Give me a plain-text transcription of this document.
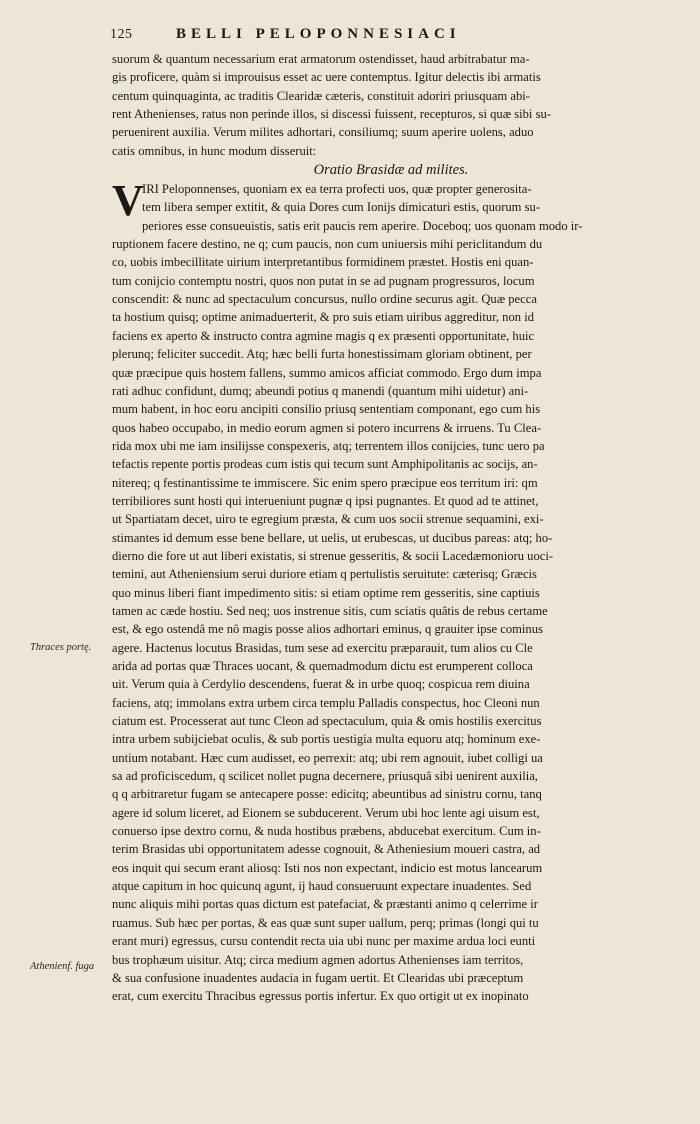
125	BELLI PELOPONNESIACI
suorum & quantum necessarium erat armatorum ostendisset, haud arbitrabatur ma-
gis proficere, quàm si improuisus esset ac uere contemptus. Igitur delectis ibi armatis
centum quinquaginta, ac traditis Clearidæ cæteris, constituit adoriri priusquam abi-
rent Athenienses, ratus non perinde illos, si discessi fuissent, recepturos, si quæ sibi su-
peruenirent auxilia. Verum milites adhortari, consiliumq; suum aperire uolens, aduo
catis omnibus, in hunc modum disseruit:
Oratio Brasidæ ad milites.
V
IRI Peloponnenses, quoniam ex ea terra profecti uos, quæ propter generosita-
tem libera semper extitit, & quia Dores cum Ionijs dimicaturi estis, quorum su-
periores esse consueuistis, satis erit paucis rem aperire. Doceboq; uos quonam modo ir-
ruptionem facere destino, ne q; cum paucis, non cum uniuersis mihi periclitandum du
co, uobis imbecillitate uirium interpretantibus formidinem præstet. Hostis eni quan-
tum conijcio contemptu nostri, quos non putat in se ad pugnam progressuros, locum
conscendit: & nunc ad spectaculum concursus, nullo ordine securus agit. Quæ pecca
ta hostium quisq; optime animaduerterit, & pro suis etiam uiribus aggreditur, non id
faciens ex aperto & instructo contra agmine magis q ex præsenti opportunitate, huic
plerunq; feliciter succedit. Atq; hæc belli furta honestissimam gloriam obtinent, per
quæ præcipue quis hostem fallens, summo amicos afficiat commodo. Ergo dum impa
rati adhuc confidunt, dumq; abeundi potius q manendi (quantum mihi uidetur) ani-
mum habent, in hoc eoru ancipiti consilio priusq sententiam componant, ego cum his
quos habeo occupabo, in medio eorum agmen si potero incurrens & irruens. Tu Clea-
rida mox ubi me iam insilijsse conspexeris, atq; terrentem illos conijcies, tunc uero pa
tefactis repente portis prodeas cum istis qui tecum sunt Amphipolitanis ac socijs, an-
nitereq; q festinantissime te immiscere. Sic enim spero præcipue eos territum iri: qm
terribiliores sunt hosti qui interueniunt pugnæ q ipsi pugnantes. Et quod ad te attinet,
ut Spartiatam decet, uiro te egregium præsta, & cum uos socii strenue sequamini, exi-
stimantes id demum esse bene bellare, ut uelis, ut erubescas, ut ducibus pareas: atq; ho-
dierno die fore ut aut liberi existatis, si strenue gesseritis, & socii Lacedæmonioru uoci-
temini, aut Atheniensium serui duriore etiam q pertulistis seruitute: cæterisq; Græcis
quo minus liberi fiant impedimento sitis: si etiam optime rem gesseritis, sine captiuis
tamen ac cæde hostiu. Sed neq; uos instrenue sitis, cum sciatis quâtis de rebus certame
est, & ego ostendâ me nô magis posse alios adhortari eminus, q grauiter ipse cominus
agere. Hactenus locutus Brasidas, tum sese ad exercitu præparauit, tum alios cu Cle
arida ad portas quæ Thraces uocant, & quemadmodum dictu est erumperent colloca
uit. Verum quia à Cerdylio descendens, fuerat & in urbe quoq; cospicua rem diuina
faciens, atq; immolans extra urbem circa templu Palladis conspectus, hoc Cleoni nun
ciatum est. Processerat aut tunc Cleon ad spectaculum, quia & omis hostilis exercitus
intra urbem subijciebat oculis, & sub portis uestigia multa equoru atq; hominum exe-
untium notabant. Hæc cum audisset, eo perrexit: atq; ubi rem agnouit, iubet colligi ua
sa ad proficiscedum, q scilicet nollet pugna decernere, priusquâ sibi uenirent auxilia,
q q arbitraretur fugam se antecapere posse: edicitq; abeuntibus ad sinistru cornu, tanq
agere id solum liceret, ad Eionem se subducerent. Verum ubi hoc lente agi uisum est,
conuerso ipse dextro cornu, & nuda hostibus præbens, abducebat exercitum. Cum in-
terim Brasidas ubi opportunitatem adesse cognouit, & Atheniesium moueri castra, ad
eos inquit qui secum erant aliosq: Isti nos non expectant, indicio est motus lancearum
atque capitum in hoc quicunq agunt, ij haud consueruunt expectare inuadentes. Sed
nunc aliquis mihi portas quas dictum est patefaciat, & præstanti animo q celerrime ir
ruamus. Sub hæc per portas, & eas quæ sunt super uallum, perq; primas (longi qui tu
erant muri) egressus, cursu contendit recta uia ubi nunc per maxime ardua loci eunti
bus trophæum uisitur. Atq; circa medium agmen adortus Athenienses iam territos,
& sua confusione inuadentes audacia in fugam uertit. Et Clearidas ubi præceptum
erat, cum exercitu Thracibus egressus portis infertur. Ex quo ortigit ut ex inopinato
Thraces portę.
Athenienf. fuga
